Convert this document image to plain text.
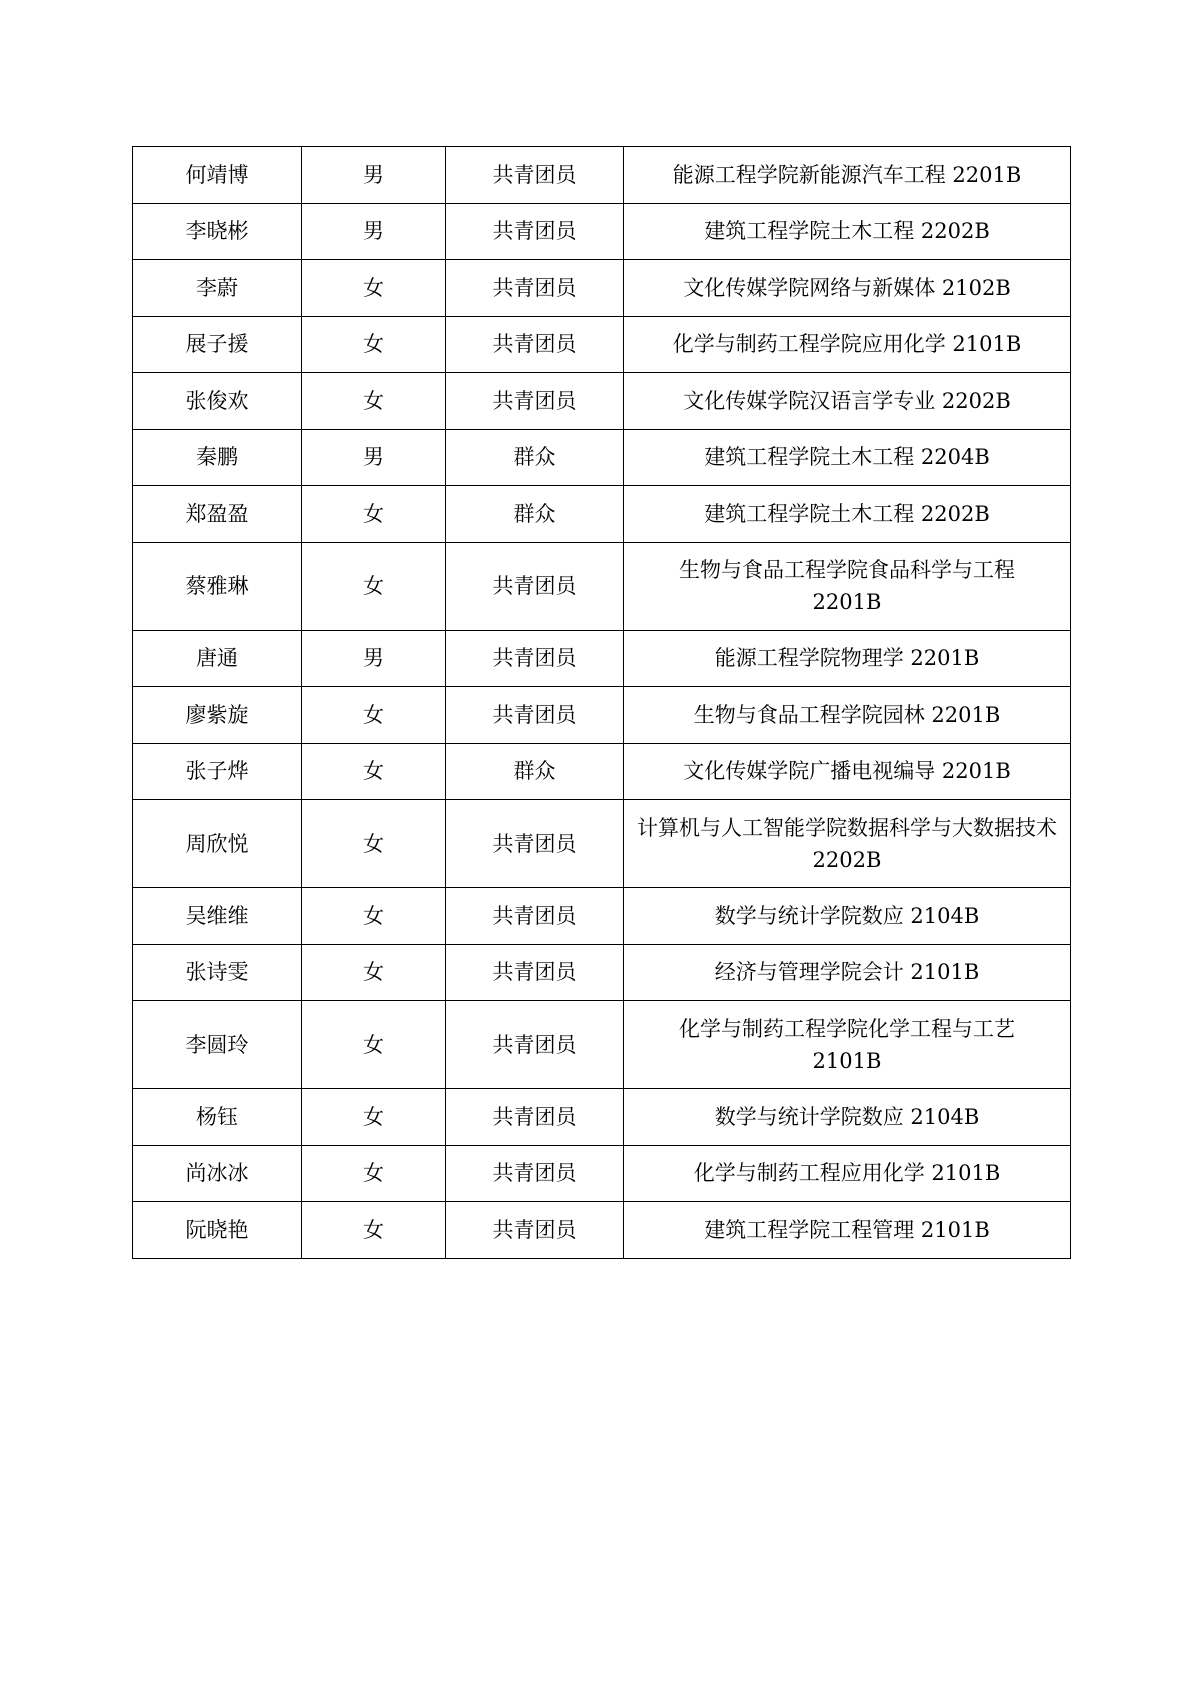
何靖博	男	共青团员	能源工程学院新能源汽车工程 2201B
李晓彬	男	共青团员	建筑工程学院土木工程 2202B
李蔚	女	共青团员	文化传媒学院网络与新媒体 2102B
展子援	女	共青团员	化学与制药工程学院应用化学 2101B
张俊欢	女	共青团员	文化传媒学院汉语言学专业 2202B
秦鹏	男	群众	建筑工程学院土木工程 2204B
郑盈盈	女	群众	建筑工程学院土木工程 2202B
蔡雅琳	女	共青团员	生物与食品工程学院食品科学与工程 2201B
唐通	男	共青团员	能源工程学院物理学 2201B
廖紫旋	女	共青团员	生物与食品工程学院园林 2201B
张子烨	女	群众	文化传媒学院广播电视编导 2201B
周欣悦	女	共青团员	计算机与人工智能学院数据科学与大数据技术 2202B
吴维维	女	共青团员	数学与统计学院数应 2104B
张诗雯	女	共青团员	经济与管理学院会计 2101B
李圆玲	女	共青团员	化学与制药工程学院化学工程与工艺 2101B
杨钰	女	共青团员	数学与统计学院数应 2104B
尚冰冰	女	共青团员	化学与制药工程应用化学 2101B
阮晓艳	女	共青团员	建筑工程学院工程管理 2101B
